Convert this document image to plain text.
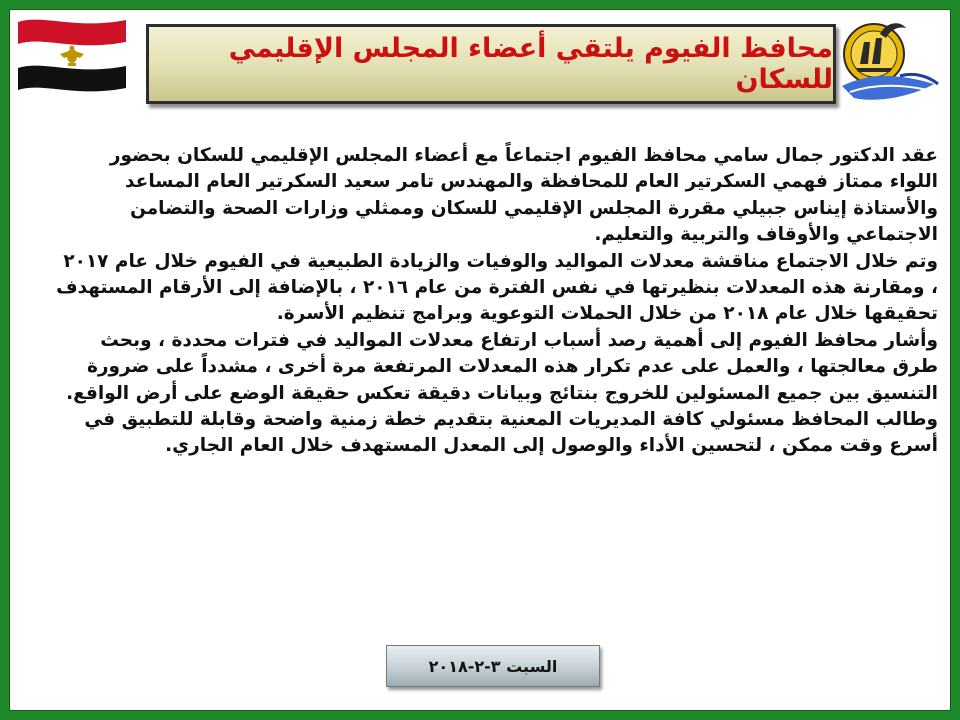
محافظ الفيوم يلتقي أعضاء المجلس الإقليمي للسكان

عقد الدكتور جمال سامي محافظ الفيوم اجتماعاً مع أعضاء المجلس الإقليمي للسكان بحضور اللواء ممتاز فهمي السكرتير العام للمحافظة والمهندس تامر سعيد السكرتير العام المساعد والأستاذة إيناس جبيلي مقررة المجلس الإقليمي للسكان وممثلي وزارات الصحة والتضامن الاجتماعي والأوقاف والتربية والتعليم.

وتم خلال الاجتماع مناقشة معدلات المواليد والوفيات والزيادة الطبيعية في الفيوم خلال عام ٢٠١٧ ، ومقارنة هذه المعدلات بنظيرتها في نفس الفترة من عام ٢٠١٦ ، بالإضافة إلى الأرقام المستهدف تحقيقها خلال عام ٢٠١٨ من خلال الحملات التوعوية وبرامج تنظيم الأسرة.

وأشار محافظ الفيوم إلى أهمية رصد أسباب ارتفاع معدلات المواليد في فترات محددة ، وبحث طرق معالجتها ، والعمل على عدم تكرار هذه المعدلات المرتفعة مرة أخرى ، مشدداً على ضرورة التنسيق بين جميع المسئولين للخروج بنتائج وبيانات دقيقة تعكس حقيقة الوضع على أرض الواقع.

وطالب المحافظ مسئولي كافة المديريات المعنية بتقديم خطة زمنية واضحة وقابلة للتطبيق في أسرع وقت ممكن ، لتحسين الأداء والوصول إلى المعدل المستهدف خلال العام الجاري.

السبت ٣-٢-٢٠١٨
